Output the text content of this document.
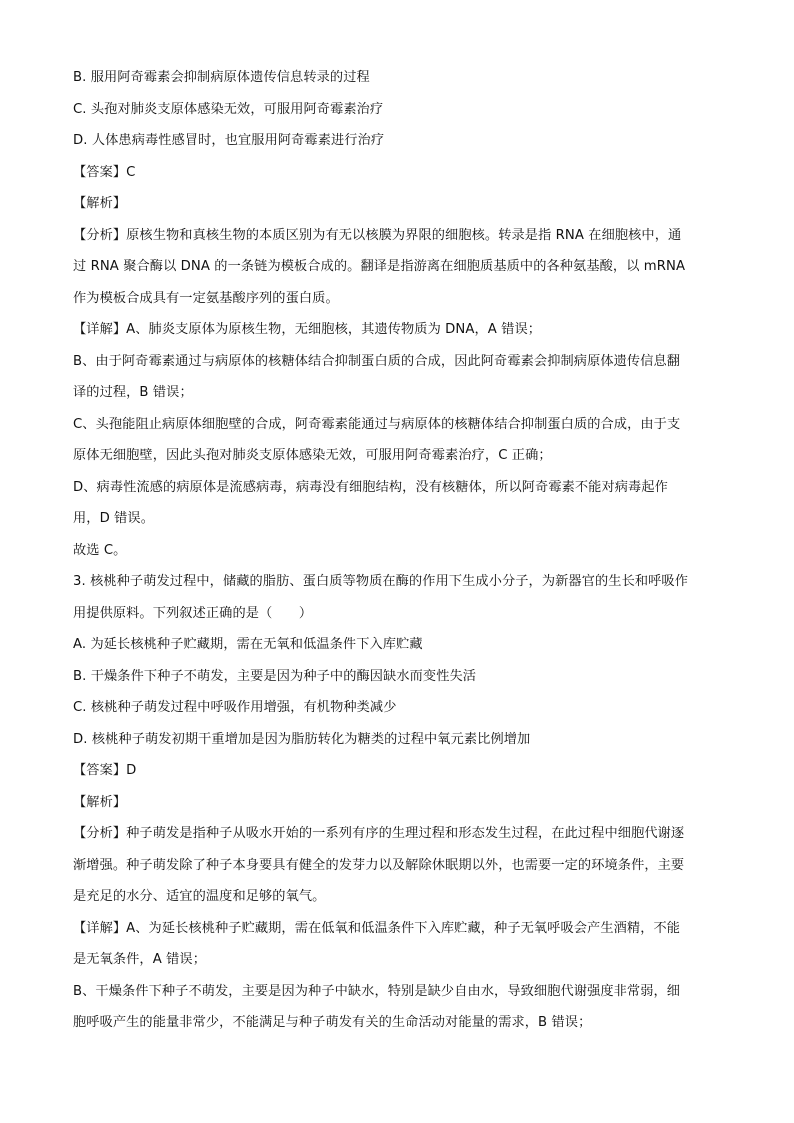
B. 服用阿奇霉素会抑制病原体遗传信息转录的过程
C. 头孢对肺炎支原体感染无效，可服用阿奇霉素治疗
D. 人体患病毒性感冒时，也宜服用阿奇霉素进行治疗
【答案】C
【解析】
【分析】原核生物和真核生物的本质区别为有无以核膜为界限的细胞核。转录是指 RNA 在细胞核中，通
过 RNA 聚合酶以 DNA 的一条链为模板合成的。翻译是指游离在细胞质基质中的各种氨基酸，以 mRNA
作为模板合成具有一定氨基酸序列的蛋白质。
【详解】A、肺炎支原体为原核生物，无细胞核，其遗传物质为 DNA，A 错误；
B、由于阿奇霉素通过与病原体的核糖体结合抑制蛋白质的合成，因此阿奇霉素会抑制病原体遗传信息翻
译的过程，B 错误；
C、头孢能阻止病原体细胞壁的合成，阿奇霉素能通过与病原体的核糖体结合抑制蛋白质的合成，由于支
原体无细胞壁，因此头孢对肺炎支原体感染无效，可服用阿奇霉素治疗，C 正确；
D、病毒性流感的病原体是流感病毒，病毒没有细胞结构，没有核糖体，所以阿奇霉素不能对病毒起作
用，D 错误。
故选 C。
3. 核桃种子萌发过程中，储藏的脂肪、蛋白质等物质在酶的作用下生成小分子，为新器官的生长和呼吸作
用提供原料。下列叙述正确的是（　　）
A. 为延长核桃种子贮藏期，需在无氧和低温条件下入库贮藏
B. 干燥条件下种子不萌发，主要是因为种子中的酶因缺水而变性失活
C. 核桃种子萌发过程中呼吸作用增强，有机物种类减少
D. 核桃种子萌发初期干重增加是因为脂肪转化为糖类的过程中氧元素比例增加
【答案】D
【解析】
【分析】种子萌发是指种子从吸水开始的一系列有序的生理过程和形态发生过程，在此过程中细胞代谢逐
渐增强。种子萌发除了种子本身要具有健全的发芽力以及解除休眠期以外，也需要一定的环境条件，主要
是充足的水分、适宜的温度和足够的氧气。
【详解】A、为延长核桃种子贮藏期，需在低氧和低温条件下入库贮藏，种子无氧呼吸会产生酒精，不能
是无氧条件，A 错误；
B、干燥条件下种子不萌发，主要是因为种子中缺水，特别是缺少自由水，导致细胞代谢强度非常弱，细
胞呼吸产生的能量非常少，不能满足与种子萌发有关的生命活动对能量的需求，B 错误；
